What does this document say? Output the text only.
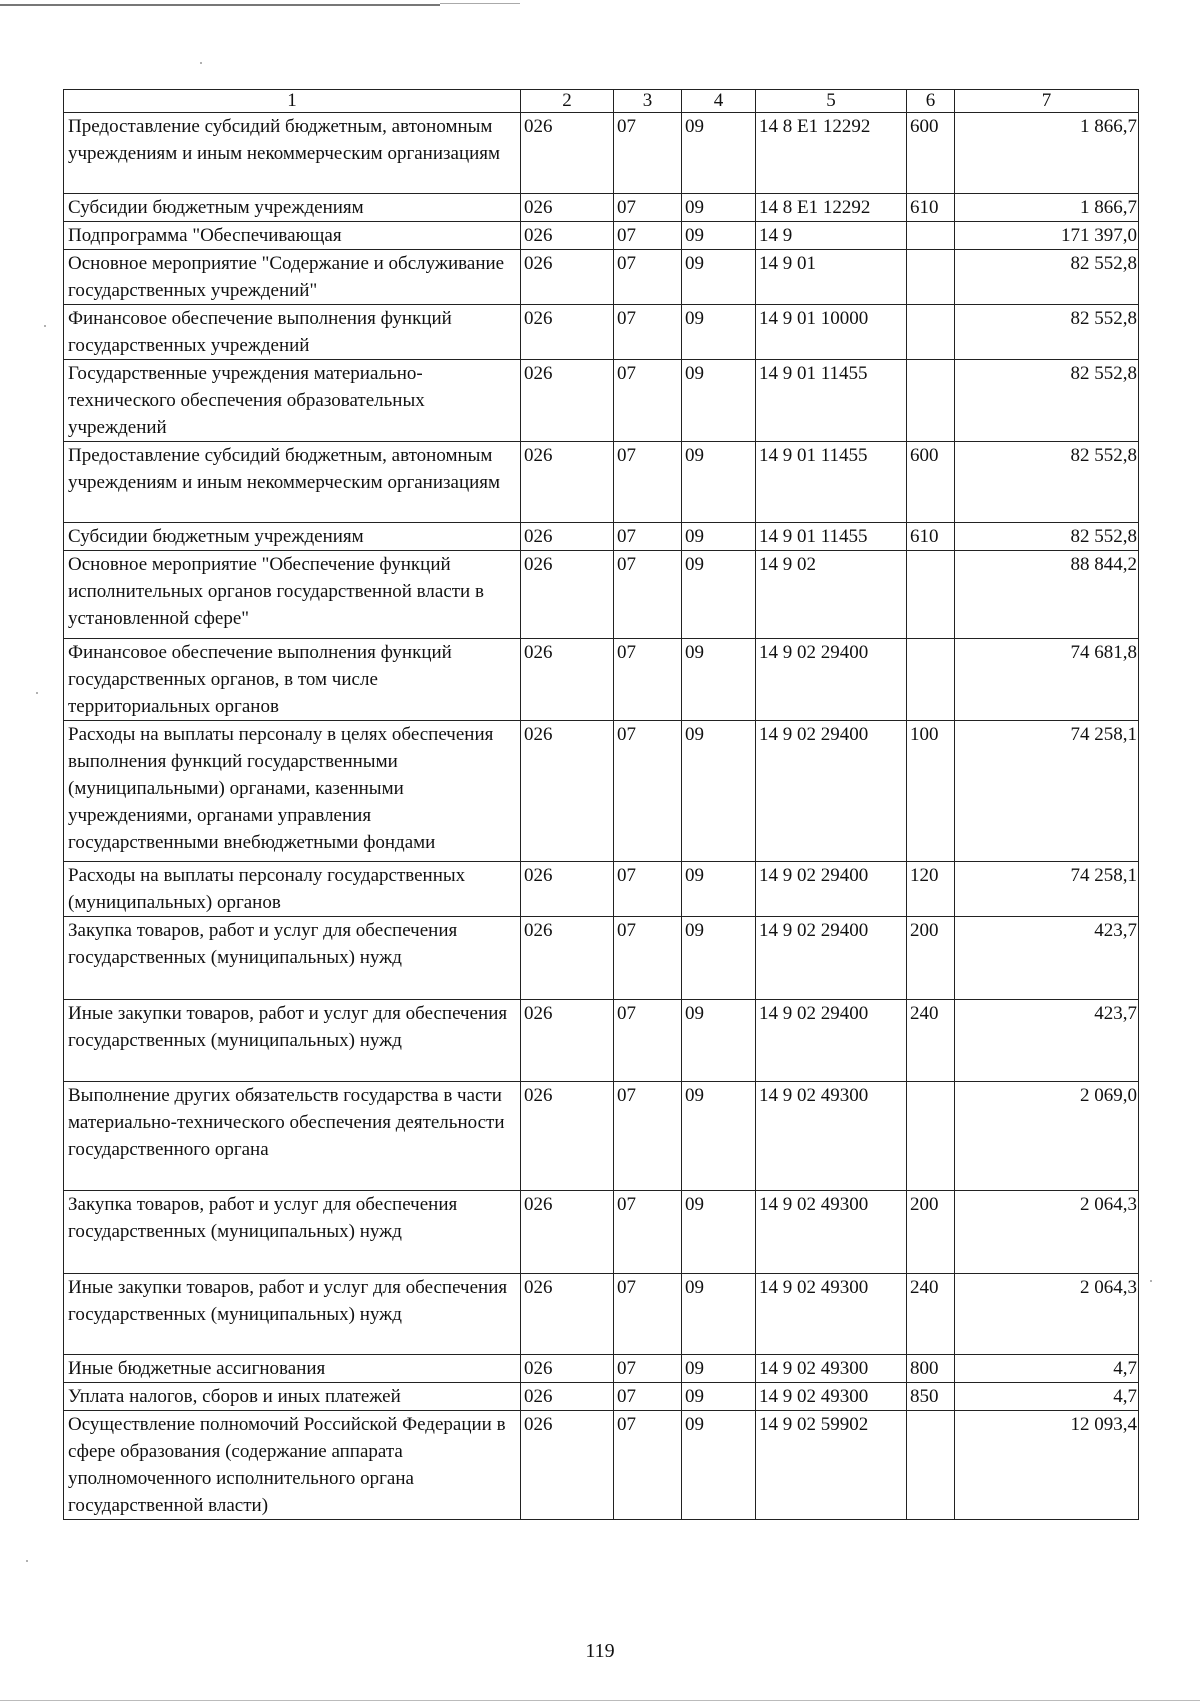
1	2	3	4	5	6	7
Предоставление субсидий бюджетным, автономным учреждениям и иным некоммерческим организациям	026	07	09	14 8 E1 12292	600	1 866,7
Субсидии бюджетным учреждениям	026	07	09	14 8 E1 12292	610	1 866,7
Подпрограмма "Обеспечивающая	026	07	09	14 9		171 397,0
Основное мероприятие "Содержание и обслуживание государственных учреждений"	026	07	09	14 9 01		82 552,8
Финансовое обеспечение выполнения функций государственных учреждений	026	07	09	14 9 01 10000		82 552,8
Государственные учреждения материально-технического обеспечения образовательных учреждений	026	07	09	14 9 01 11455		82 552,8
Предоставление субсидий бюджетным, автономным учреждениям и иным некоммерческим организациям	026	07	09	14 9 01 11455	600	82 552,8
Субсидии бюджетным учреждениям	026	07	09	14 9 01 11455	610	82 552,8
Основное мероприятие "Обеспечение функций исполнительных органов государственной власти в установленной сфере"	026	07	09	14 9 02		88 844,2
Финансовое обеспечение выполнения функций государственных органов, в том числе территориальных органов	026	07	09	14 9 02 29400		74 681,8
Расходы на выплаты персоналу в целях обеспечения выполнения функций государственными (муниципальными) органами, казенными учреждениями, органами управления государственными внебюджетными фондами	026	07	09	14 9 02 29400	100	74 258,1
Расходы на выплаты персоналу государственных (муниципальных) органов	026	07	09	14 9 02 29400	120	74 258,1
Закупка товаров, работ и услуг для обеспечения государственных (муниципальных) нужд	026	07	09	14 9 02 29400	200	423,7
Иные закупки товаров, работ и услуг для обеспечения государственных (муниципальных) нужд	026	07	09	14 9 02 29400	240	423,7
Выполнение других обязательств государства в части материально-технического обеспечения деятельности государственного органа	026	07	09	14 9 02 49300		2 069,0
Закупка товаров, работ и услуг для обеспечения государственных (муниципальных) нужд	026	07	09	14 9 02 49300	200	2 064,3
Иные закупки товаров, работ и услуг для обеспечения государственных (муниципальных) нужд	026	07	09	14 9 02 49300	240	2 064,3
Иные бюджетные ассигнования	026	07	09	14 9 02 49300	800	4,7
Уплата налогов, сборов и иных платежей	026	07	09	14 9 02 49300	850	4,7
Осуществление полномочий Российской Федерации в сфере образования (содержание аппарата уполномоченного исполнительного органа государственной власти)	026	07	09	14 9 02 59902		12 093,4
119
